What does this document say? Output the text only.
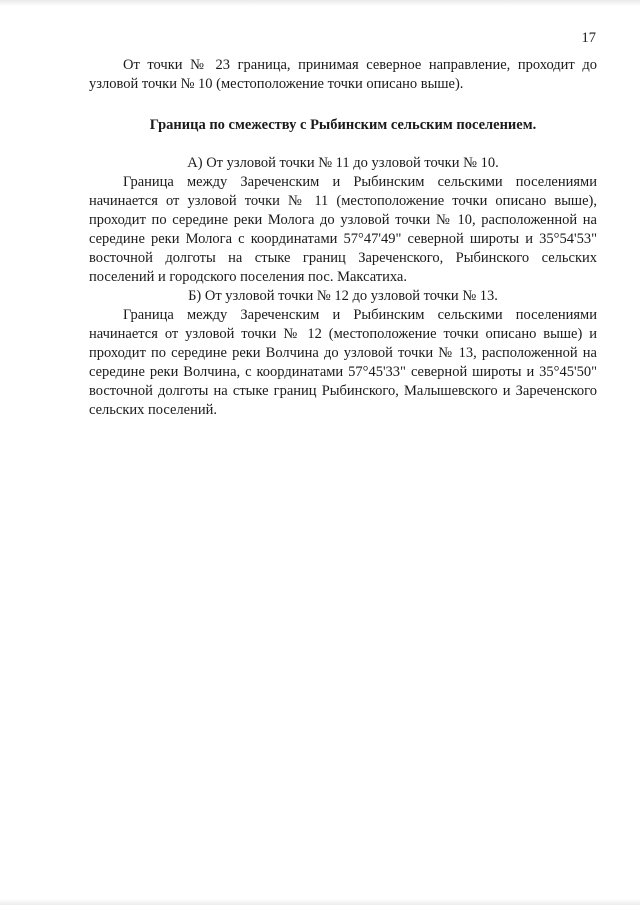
17

От точки № 23 граница, принимая северное направление, проходит до узловой точки № 10 (местоположение точки описано выше).

Граница по смежеству с Рыбинским сельским поселением.

А) От узловой точки № 11 до узловой точки № 10.

Граница между Зареченским и Рыбинским сельскими поселениями начинается от узловой точки № 11 (местоположение точки описано выше), проходит по середине реки Молога до узловой точки № 10, расположенной на середине реки Молога с координатами 57°47'49" северной широты и 35°54'53" восточной долготы на стыке границ Зареченского, Рыбинского сельских поселений и городского поселения пос. Максатиха.

Б) От узловой точки № 12 до узловой точки № 13.

Граница между Зареченским и Рыбинским сельскими поселениями начинается от узловой точки № 12 (местоположение точки описано выше) и проходит по середине реки Волчина до узловой точки № 13, расположенной на середине реки Волчина, с координатами 57°45'33" северной широты и 35°45'50" восточной долготы на стыке границ Рыбинского, Малышевского и Зареченского сельских поселений.
